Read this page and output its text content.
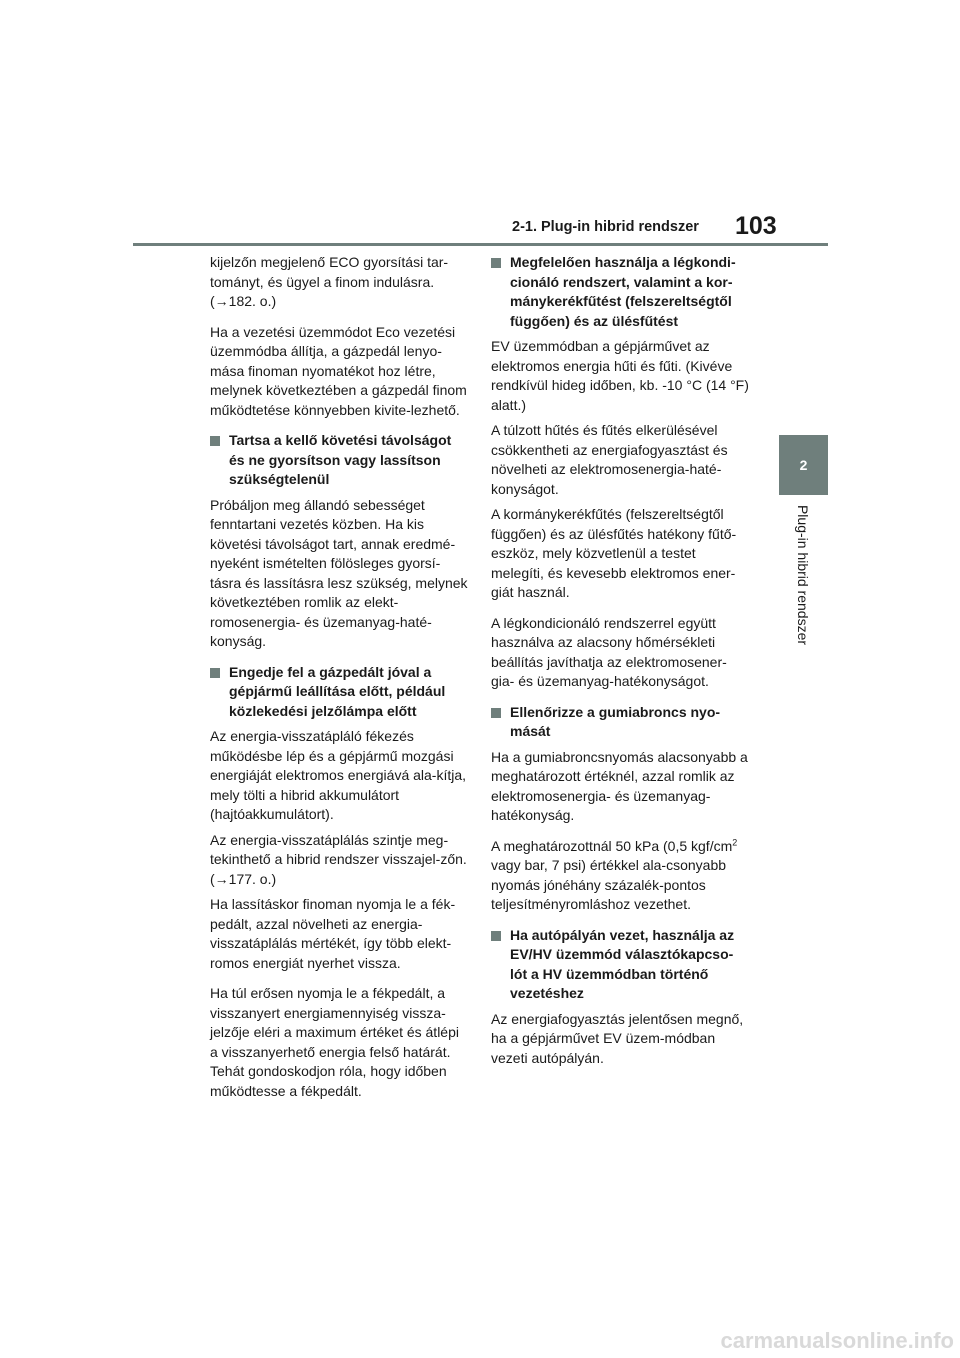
2-1. Plug-in hibrid rendszer 103
2
Plug-in hibrid rendszer

kijelzőn megjelenő ECO gyorsítási tar-tományt, és ügyel a finom indulásra. (→182. o.)

Ha a vezetési üzemmódot Eco vezetési üzemmódba állítja, a gázpedál lenyo-mása finoman nyomatékot hoz létre, melynek következtében a gázpedál finom működtetése könnyebben kivite-lezhető.

Tartsa a kellő követési távolságot és ne gyorsítson vagy lassítson szükségtelenül

Próbáljon meg állandó sebességet fenntartani vezetés közben. Ha kis követési távolságot tart, annak eredmé-nyeként ismételten fölösleges gyorsí-tásra és lassításra lesz szükség, melynek következtében romlik az elekt-romosenergia- és üzemanyag-haté-konyság.

Engedje fel a gázpedált jóval a gépjármű leállítása előtt, például közlekedési jelzőlámpa előtt

Az energia-visszatápláló fékezés működésbe lép és a gépjármű mozgási energiáját elektromos energiává ala-kítja, mely tölti a hibrid akkumulátort (hajtóakkumulátort).

Az energia-visszatáplálás szintje meg-tekinthető a hibrid rendszer visszajel-zőn. (→177. o.)

Ha lassításkor finoman nyomja le a fék-pedált, azzal növelheti az energia-visszatáplálás mértékét, így több elekt-romos energiát nyerhet vissza.

Ha túl erősen nyomja le a fékpedált, a visszanyert energiamennyiség vissza-jelzője eléri a maximum értéket és átlépi a visszanyerhető energia felső határát. Tehát gondoskodjon róla, hogy időben működtesse a fékpedált.

Megfelelően használja a légkondi-cionáló rendszert, valamint a kor-mánykerékfűtést (felszereltségtől függően) és az ülésfűtést

EV üzemmódban a gépjárművet az elektromos energia hűti és fűti. (Kivéve rendkívül hideg időben, kb. -10 °C (14 °F) alatt.)

A túlzott hűtés és fűtés elkerülésével csökkentheti az energiafogyasztást és növelheti az elektromosenergia-haté-konyságot.

A kormánykerékfűtés (felszereltségtől függően) és az ülésfűtés hatékony fűtő-eszköz, mely közvetlenül a testet melegíti, és kevesebb elektromos ener-giát használ.

A légkondicionáló rendszerrel együtt használva az alacsony hőmérsékleti beállítás javíthatja az elektromosener-gia- és üzemanyag-hatékonyságot.

Ellenőrizze a gumiabroncs nyo-mását

Ha a gumiabroncsnyomás alacsonyabb a meghatározott értéknél, azzal romlik az elektromosenergia- és üzemanyag-hatékonyság.

A meghatározottnál 50 kPa (0,5 kgf/$cm^2$ vagy bar, 7 psi) értékkel ala-csonyabb nyomás jónéhány százalék-pontos teljesítményromláshoz vezethet.

Ha autópályán vezet, használja az EV/HV üzemmód választókapcso-lót a HV üzemmódban történő vezetéshez

Az energiafogyasztás jelentősen megnő, ha a gépjárművet EV üzem-módban vezeti autópályán.

carmanualsonline.info
